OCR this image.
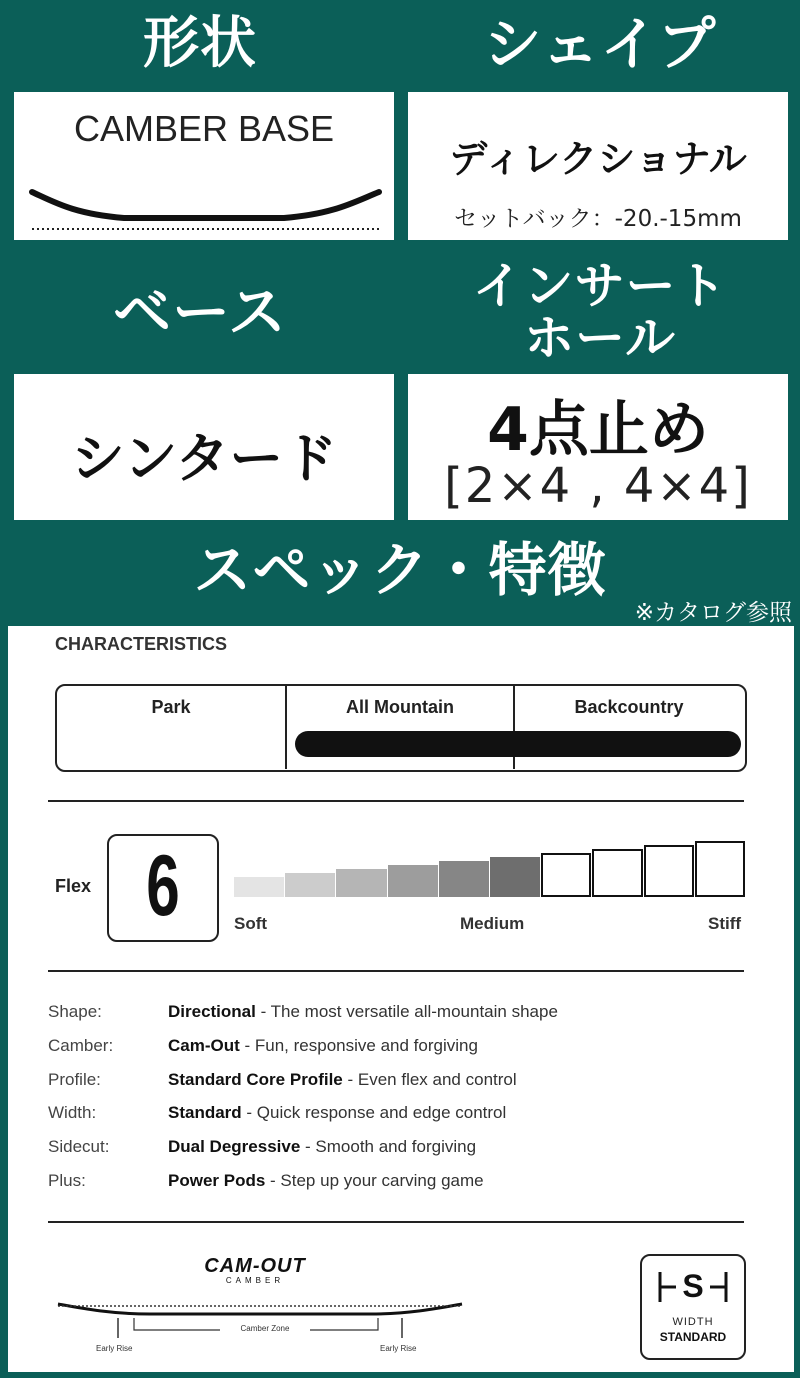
形状	シェイプ
CAMBER BASE
ディレクショナル
セットバック：-20.-15mm
ベース	インサート
ホール
シンタード	4点止め
[2×4 , 4×4]
スペック・特徴
※カタログ参照
CHARACTERISTICS
Park	All Mountain	Backcountry
Flex 6	Soft	Medium	Stiff
Shape:	Directional - The most versatile all-mountain shape
Camber:	Cam-Out - Fun, responsive and forgiving
Profile:	Standard Core Profile - Even flex and control
Width:	Standard - Quick response and edge control
Sidecut:	Dual Degressive - Smooth and forgiving
Plus:	Power Pods - Step up your carving game
CAM-OUT
CAMBER
Camber Zone
Early Rise	Early Rise
S
WIDTH
STANDARD
